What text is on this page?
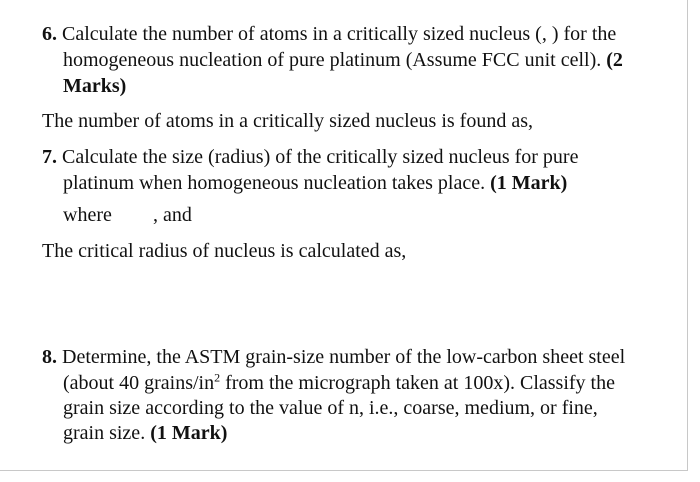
6. Calculate the number of atoms in a critically sized nucleus (, ) for the
homogeneous nucleation of pure platinum (Assume FCC unit cell). (2
Marks)
The number of atoms in a critically sized nucleus is found as,
7. Calculate the size (radius) of the critically sized nucleus for pure
platinum when homogeneous nucleation takes place. (1 Mark)
where , and
The critical radius of nucleus is calculated as,
8. Determine, the ASTM grain-size number of the low-carbon sheet steel
(about 40 grains/$in^2$ from the micrograph taken at 100x). Classify the
grain size according to the value of n, i.e., coarse, medium, or fine,
grain size. (1 Mark)
